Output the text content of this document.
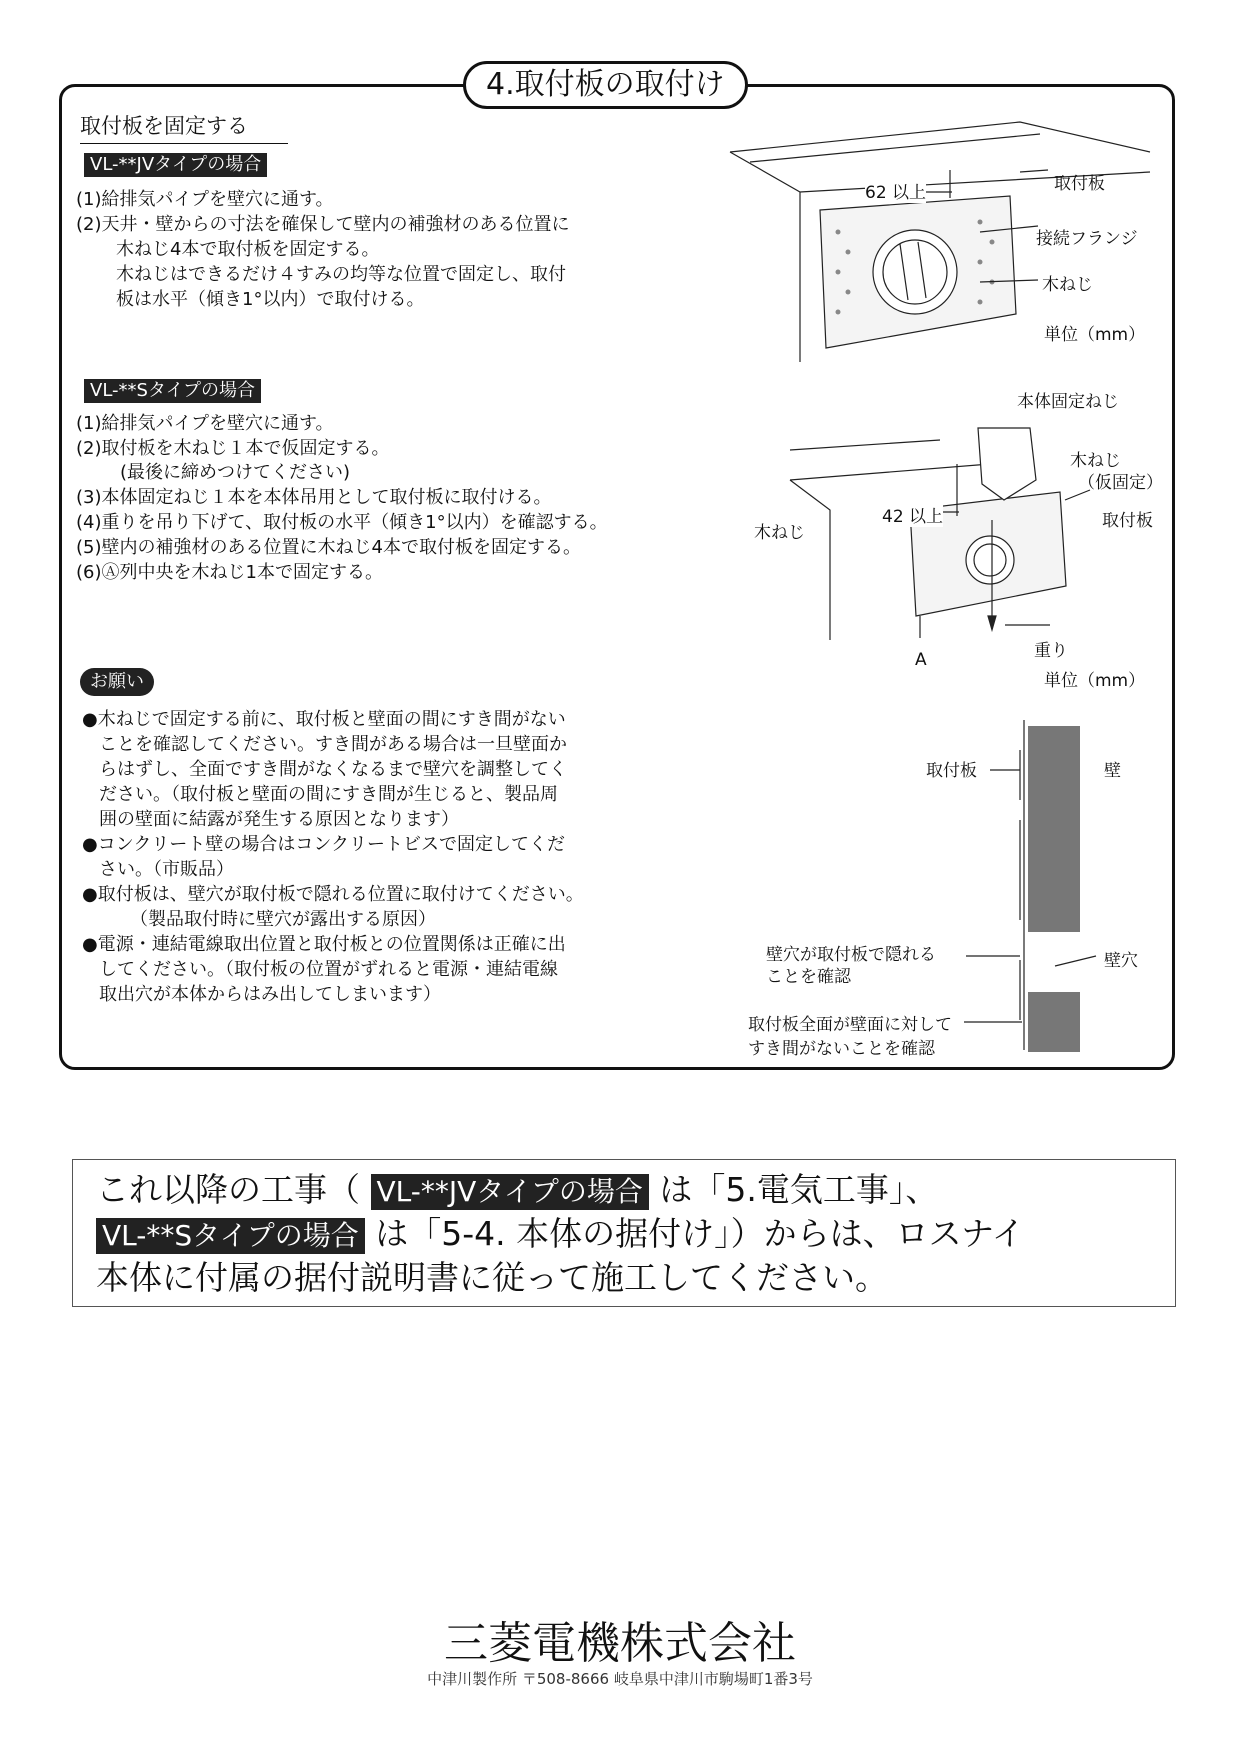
4.取付板の取付け
取付板を固定する
VL-**JVタイプの場合
(1)給排気パイプを壁穴に通す。
(2)天井・壁からの寸法を確保して壁内の補強材のある位置に
木ねじ4本で取付板を固定する。
木ねじはできるだけ４すみの均等な位置で固定し、取付
板は水平（傾き1°以内）で取付ける。
VL-**Sタイプの場合
(1)給排気パイプを壁穴に通す。
(2)取付板を木ねじ１本で仮固定する。
(最後に締めつけてください)
(3)本体固定ねじ１本を本体吊用として取付板に取付ける。
(4)重りを吊り下げて、取付板の水平（傾き1°以内）を確認する。
(5)壁内の補強材のある位置に木ねじ4本で取付板を固定する。
(6)Ⓐ列中央を木ねじ1本で固定する。
お願い
●木ねじで固定する前に、取付板と壁面の間にすき間がない
ことを確認してください。すき間がある場合は一旦壁面か
らはずし、全面ですき間がなくなるまで壁穴を調整してく
ださい。（取付板と壁面の間にすき間が生じると、製品周
囲の壁面に結露が発生する原因となります）
●コンクリート壁の場合はコンクリートビスで固定してくだ
さい。（市販品）
●取付板は、壁穴が取付板で隠れる位置に取付けてください。
（製品取付時に壁穴が露出する原因）
●電源・連結電線取出位置と取付板との位置関係は正確に出
してください。（取付板の位置がずれると電源・連結電線
取出穴が本体からはみ出してしまいます）
62 以上	取付板
接続フランジ
木ねじ
単位（mm）
本体固定ねじ
木ねじ
（仮固定）
42 以上	取付板
木ねじ
重り
A
単位（mm）
取付板	壁
壁穴が取付板で隠れる
ことを確認
壁穴
取付板全面が壁面に対して
すき間がないことを確認
これ以降の工事（ VL-**JVタイプの場合 は「5.電気工事」、
VL-**Sタイプの場合 は「5-4. 本体の据付け」）からは、ロスナイ
本体に付属の据付説明書に従って施工してください。
三菱電機株式会社
中津川製作所 〒508-8666 岐阜県中津川市駒場町1番3号
